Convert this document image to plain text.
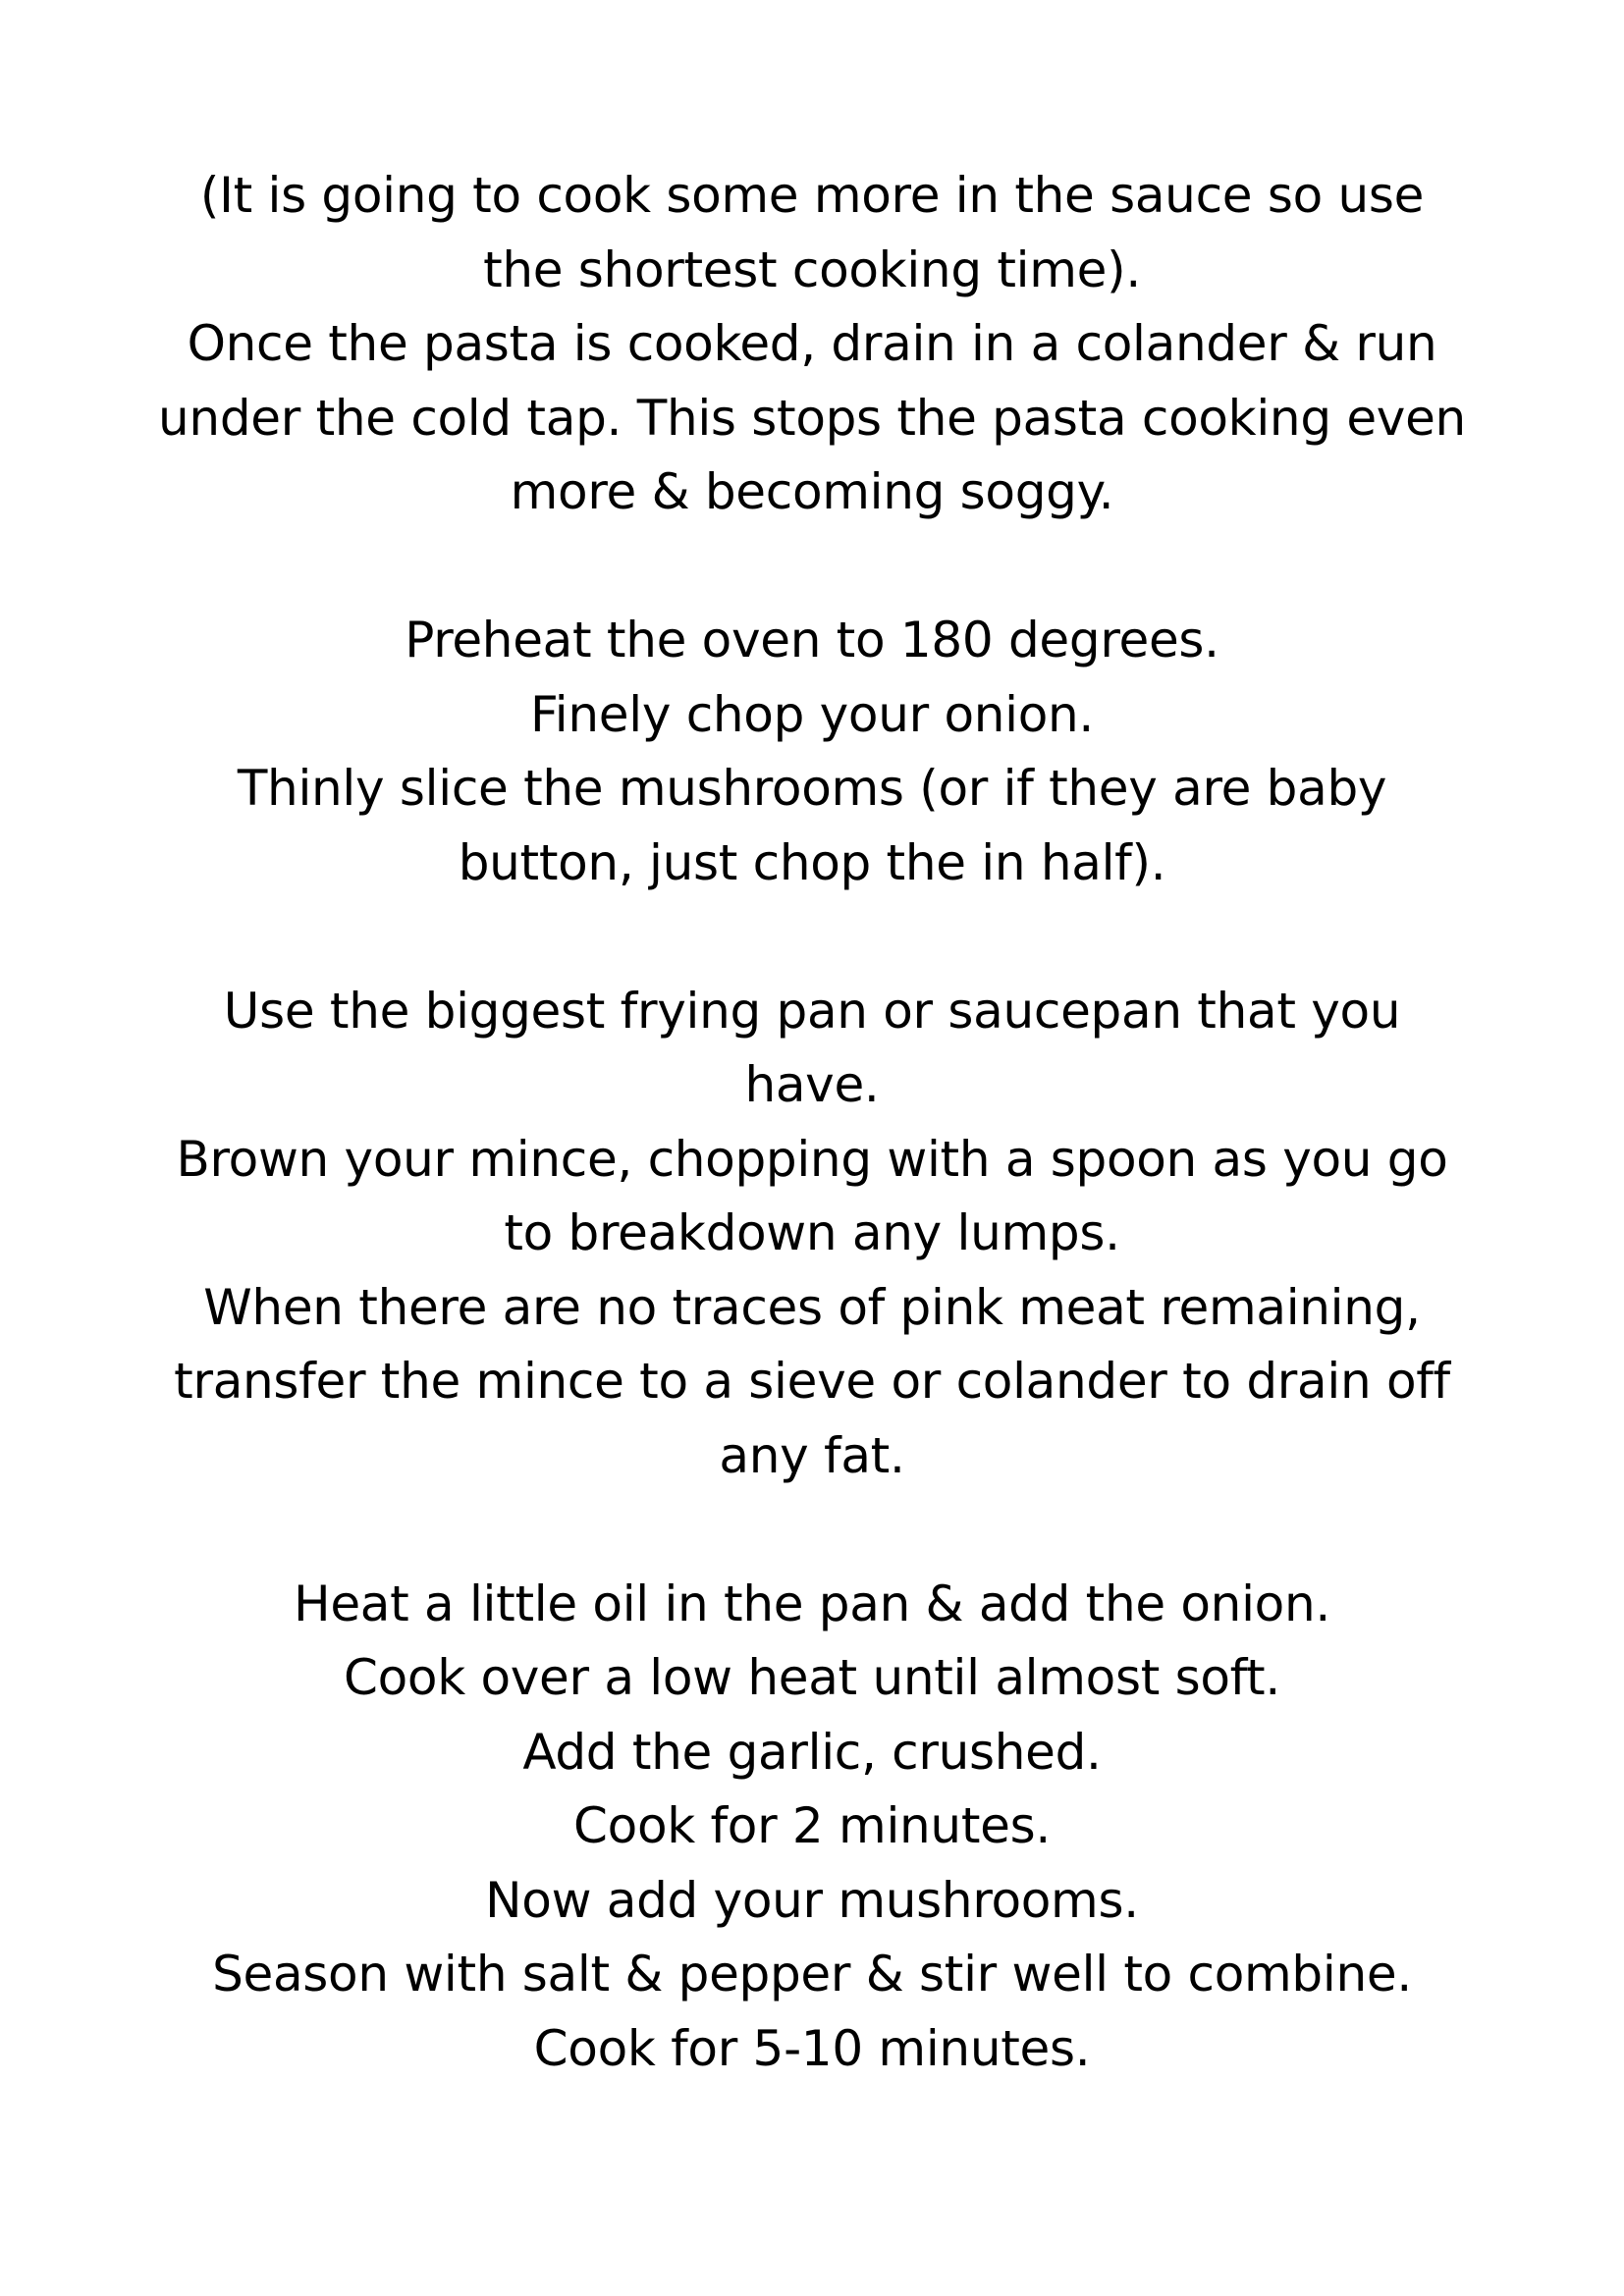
(It is going to cook some more in the sauce so use
the shortest cooking time).
Once the pasta is cooked, drain in a colander & run
under the cold tap. This stops the pasta cooking even
more & becoming soggy.

Preheat the oven to 180 degrees.
Finely chop your onion.
Thinly slice the mushrooms (or if they are baby
button, just chop the in half).

Use the biggest frying pan or saucepan that you
have.
Brown your mince, chopping with a spoon as you go
to breakdown any lumps.
When there are no traces of pink meat remaining,
transfer the mince to a sieve or colander to drain off
any fat.

Heat a little oil in the pan & add the onion.
Cook over a low heat until almost soft.
Add the garlic, crushed.
Cook for 2 minutes.
Now add your mushrooms.
Season with salt & pepper & stir well to combine.
Cook for 5-10 minutes.
